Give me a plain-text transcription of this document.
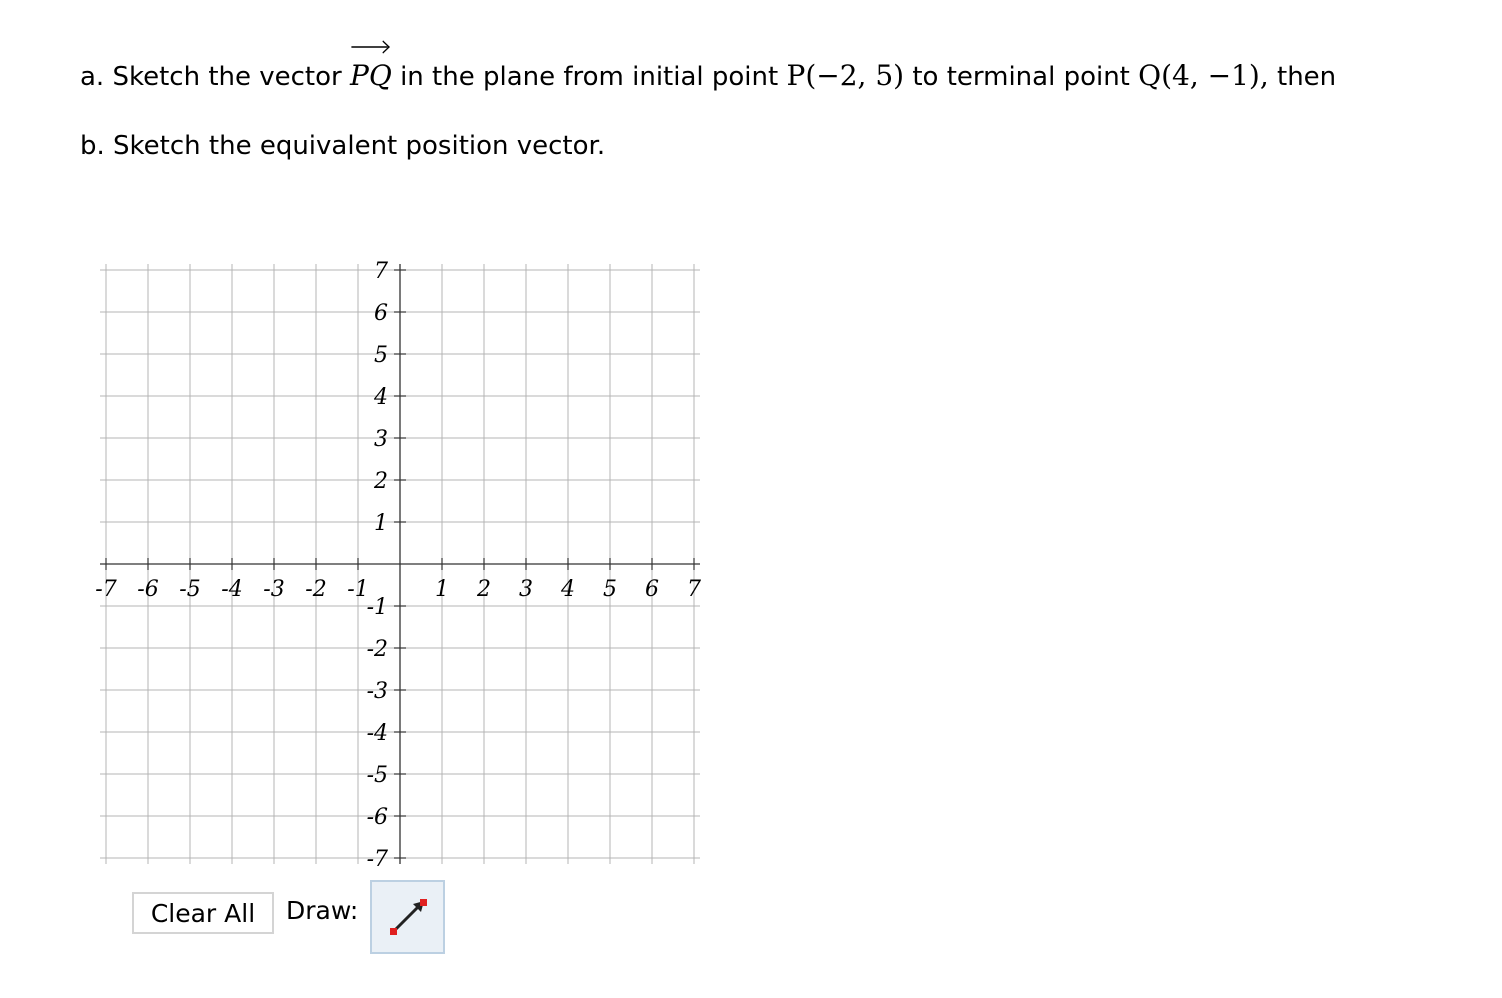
a. Sketch the vector PQ in the plane from initial point P(−2, 5) to terminal point Q(4, −1), then
b. Sketch the equivalent position vector.
-7 -6 -5 -4 -3 -2 -1	1 2 3 4 5 6 7
7
6
5
4
3
2
1
-1
-2
-3
-4
-5
-6
-7
Clear All	Draw:
